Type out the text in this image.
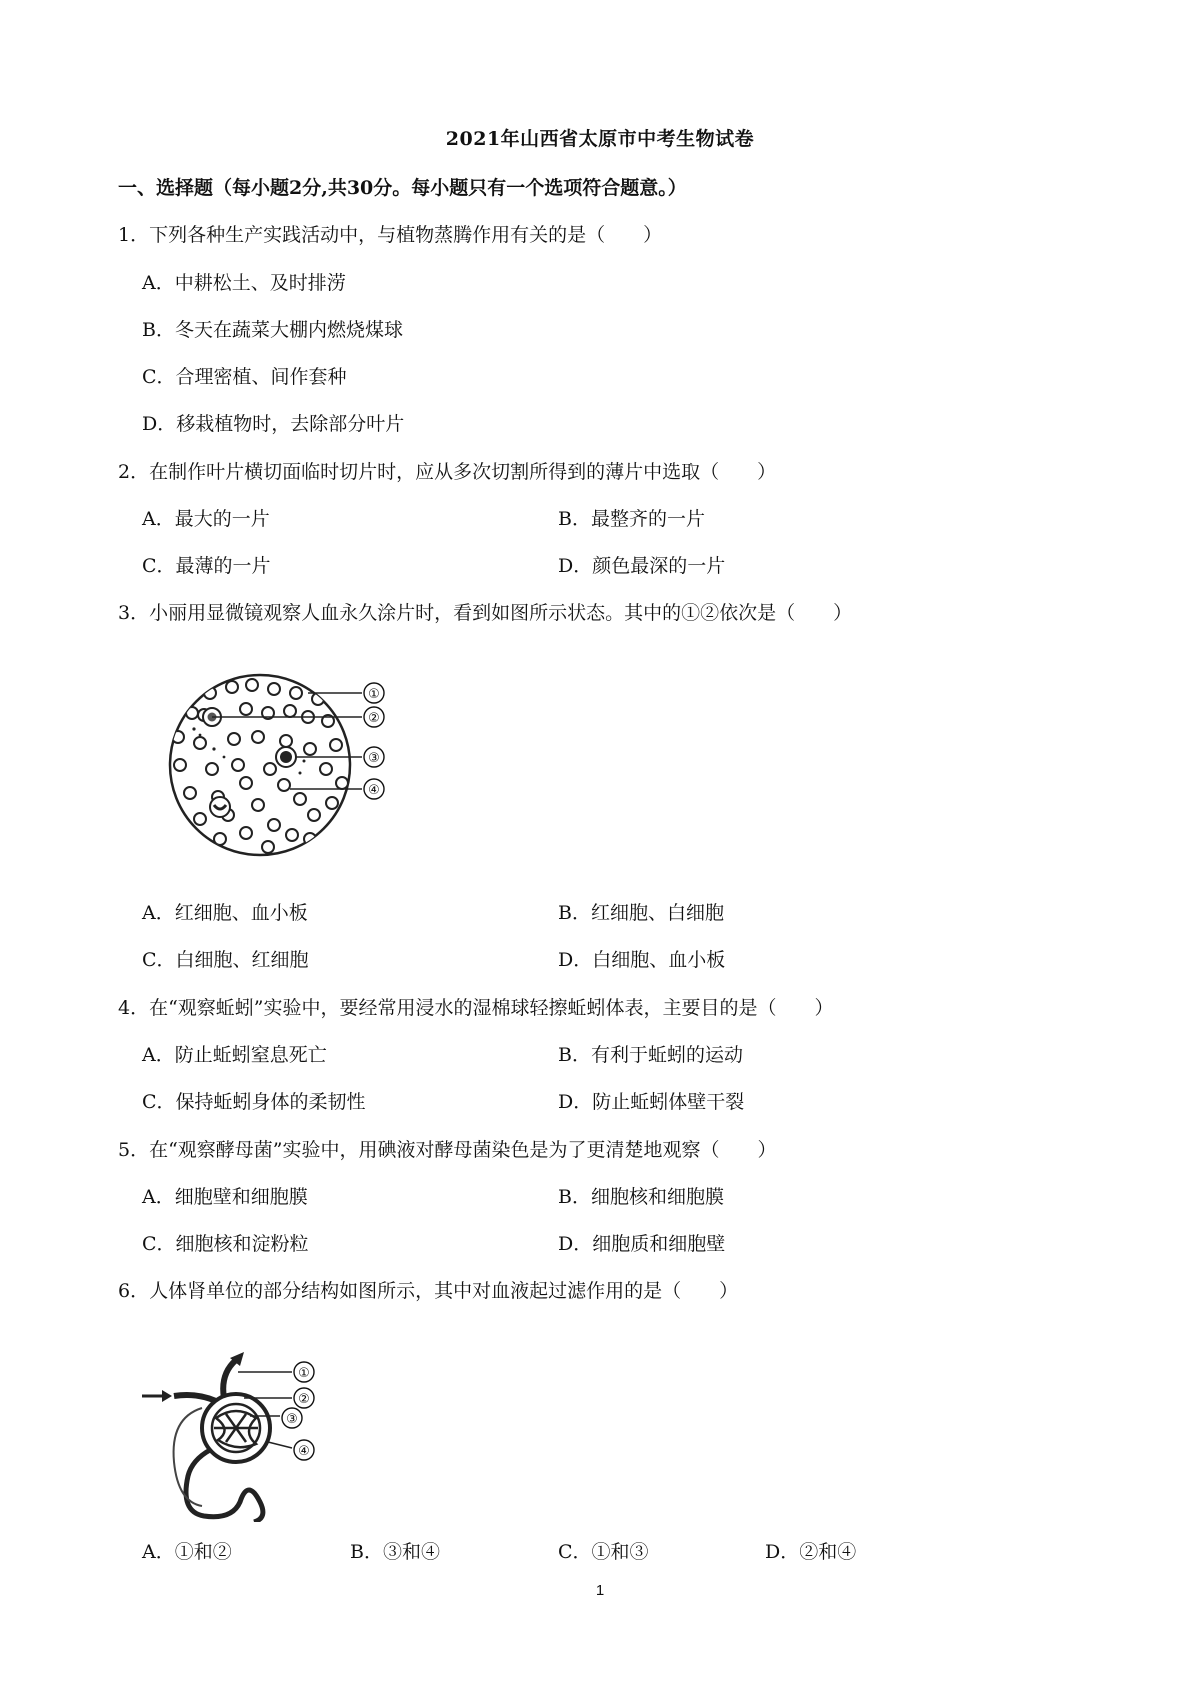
2021年山西省太原市中考生物试卷
一、选择题（每小题2分,共30分。每小题只有一个选项符合题意。）
1．下列各种生产实践活动中，与植物蒸腾作用有关的是（　　）
A．中耕松土、及时排涝
B．冬天在蔬菜大棚内燃烧煤球
C．合理密植、间作套种
D．移栽植物时，去除部分叶片
2．在制作叶片横切面临时切片时，应从多次切割所得到的薄片中选取（　　）
A．最大的一片	B．最整齐的一片
C．最薄的一片	D．颜色最深的一片
3．小丽用显微镜观察人血永久涂片时，看到如图所示状态。其中的①②依次是（　　）
①
②
③
④
A．红细胞、血小板	B．红细胞、白细胞
C．白细胞、红细胞	D．白细胞、血小板
4．在“观察蚯蚓”实验中，要经常用浸水的湿棉球轻擦蚯蚓体表，主要目的是（　　）
A．防止蚯蚓窒息死亡	B．有利于蚯蚓的运动
C．保持蚯蚓身体的柔韧性	D．防止蚯蚓体壁干裂
5．在“观察酵母菌”实验中，用碘液对酵母菌染色是为了更清楚地观察（　　）
A．细胞壁和细胞膜	B．细胞核和细胞膜
C．细胞核和淀粉粒	D．细胞质和细胞壁
6．人体肾单位的部分结构如图所示，其中对血液起过滤作用的是（　　）
①
②
③
④
A．①和②	B．③和④	C．①和③	D．②和④
1
